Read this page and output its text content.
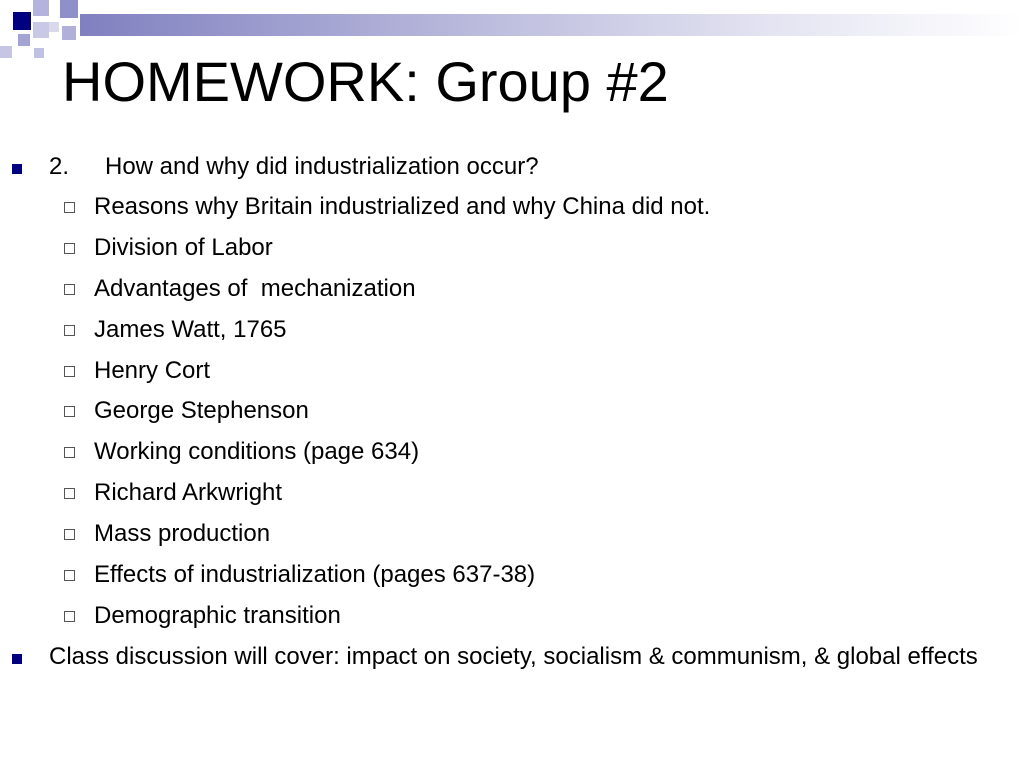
HOMEWORK: Group #2
2. How and why did industrialization occur?
Reasons why Britain industrialized and why China did not.
Division of Labor
Advantages of  mechanization
James Watt, 1765
Henry Cort
George Stephenson
Working conditions (page 634)
Richard Arkwright
Mass production
Effects of industrialization (pages 637-38)
Demographic transition
Class discussion will cover: impact on society, socialism & communism, & global effects
